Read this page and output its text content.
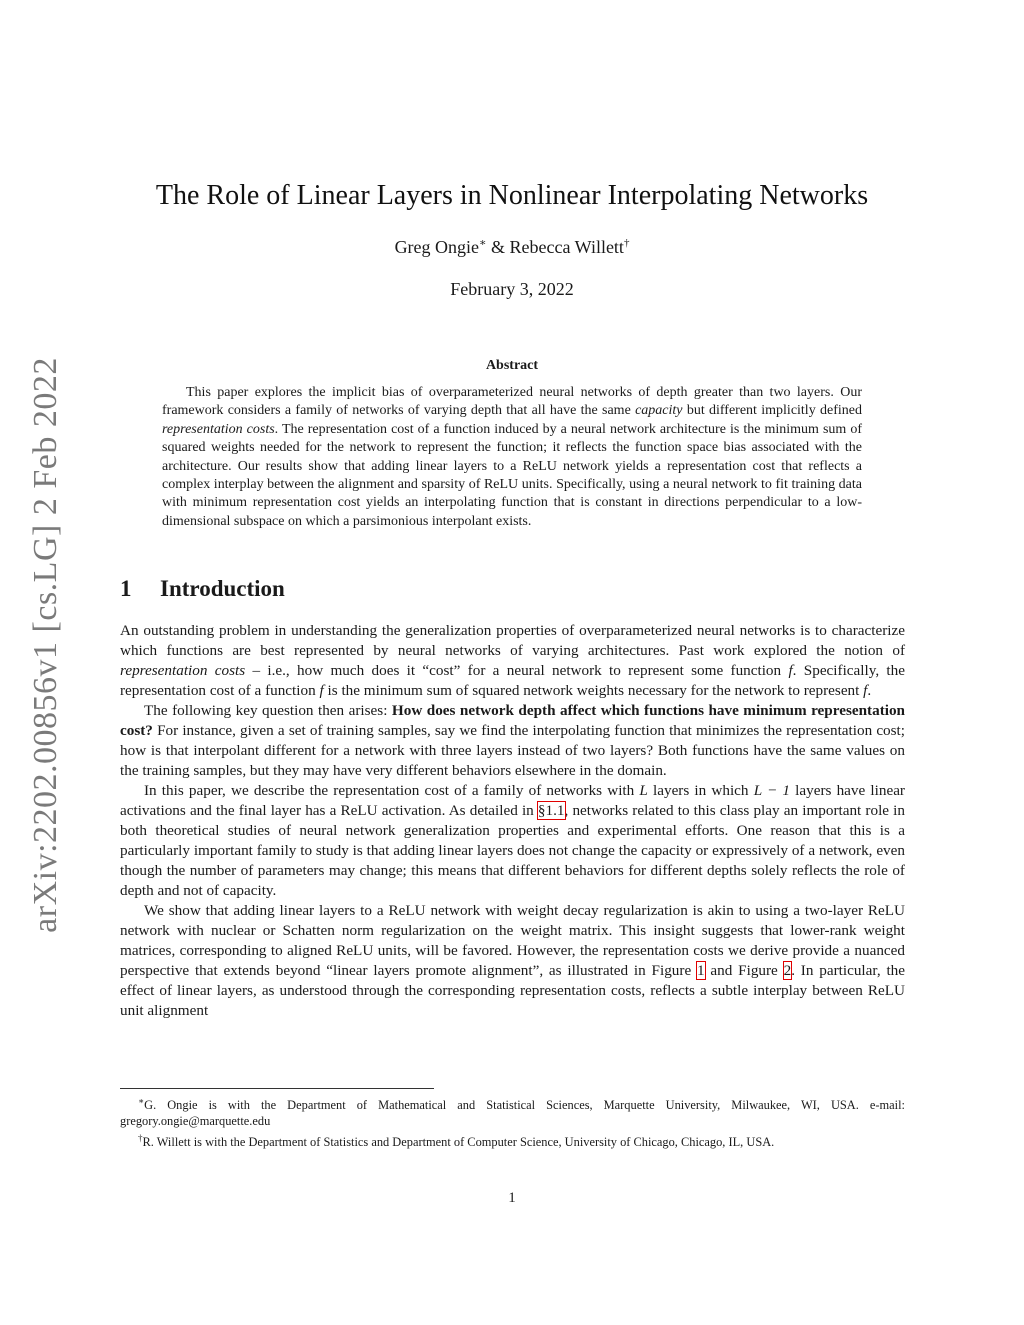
arXiv:2202.00856v1 [cs.LG] 2 Feb 2022
The Role of Linear Layers in Nonlinear Interpolating Networks
Greg Ongie∗ & Rebecca Willett†
February 3, 2022
Abstract

This paper explores the implicit bias of overparameterized neural networks of depth greater than two layers. Our framework considers a family of networks of varying depth that all have the same capacity but different implicitly defined representation costs. The representation cost of a function induced by a neural network architecture is the minimum sum of squared weights needed for the network to represent the function; it reflects the function space bias associated with the architecture. Our results show that adding linear layers to a ReLU network yields a representation cost that reflects a complex interplay between the alignment and sparsity of ReLU units. Specifically, using a neural network to fit training data with minimum representation cost yields an interpolating function that is constant in directions perpendicular to a low-dimensional subspace on which a parsimonious interpolant exists.

1 Introduction

An outstanding problem in understanding the generalization properties of overparameterized neural networks is to characterize which functions are best represented by neural networks of varying architectures. Past work explored the notion of representation costs – i.e., how much does it “cost” for a neural network to represent some function f. Specifically, the representation cost of a function f is the minimum sum of squared network weights necessary for the network to represent f.

The following key question then arises: How does network depth affect which functions have minimum representation cost? For instance, given a set of training samples, say we find the interpolating function that minimizes the representation cost; how is that interpolant different for a network with three layers instead of two layers? Both functions have the same values on the training samples, but they may have very different behaviors elsewhere in the domain.

In this paper, we describe the representation cost of a family of networks with L layers in which L − 1 layers have linear activations and the final layer has a ReLU activation. As detailed in §1.1, networks related to this class play an important role in both theoretical studies of neural network generalization properties and experimental efforts. One reason that this is a particularly important family to study is that adding linear layers does not change the capacity or expressively of a network, even though the number of parameters may change; this means that different behaviors for different depths solely reflects the role of depth and not of capacity.

We show that adding linear layers to a ReLU network with weight decay regularization is akin to using a two-layer ReLU network with nuclear or Schatten norm regularization on the weight matrix. This insight suggests that lower-rank weight matrices, corresponding to aligned ReLU units, will be favored. However, the representation costs we derive provide a nuanced perspective that extends beyond “linear layers promote alignment”, as illustrated in Figure 1 and Figure 2. In particular, the effect of linear layers, as understood through the corresponding representation costs, reflects a subtle interplay between ReLU unit alignment

∗G. Ongie is with the Department of Mathematical and Statistical Sciences, Marquette University, Milwaukee, WI, USA. e-mail: gregory.ongie@marquette.edu

†R. Willett is with the Department of Statistics and Department of Computer Science, University of Chicago, Chicago, IL, USA.

1
